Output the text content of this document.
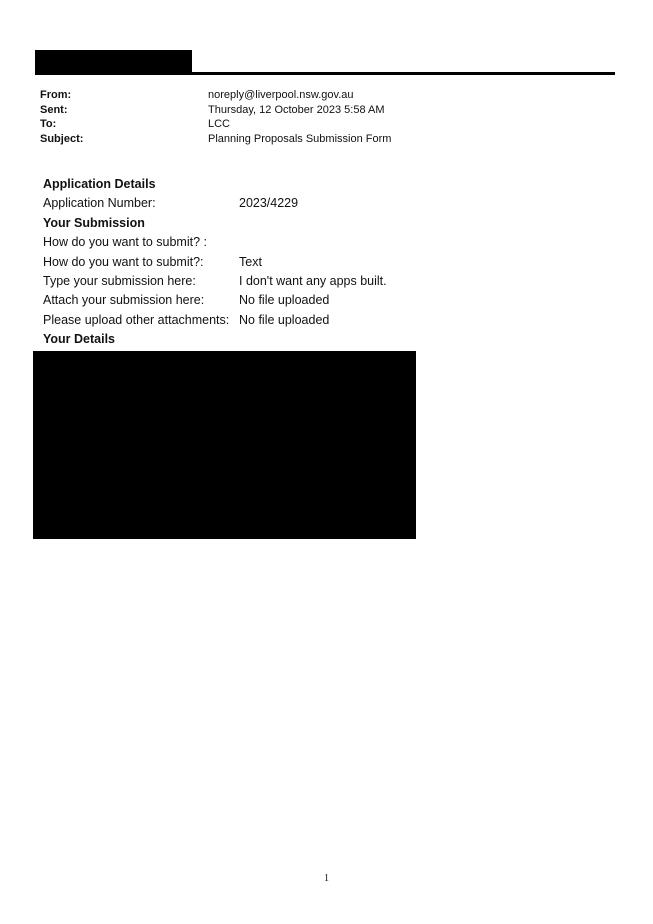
From:	noreply@liverpool.nsw.gov.au
Sent:	Thursday, 12 October 2023 5:58 AM
To:	LCC
Subject:	Planning Proposals Submission Form
Application Details
Application Number:	2023/4229
Your Submission
How do you want to submit? :
How do you want to submit?:	Text
Type your submission here:	I don't want any apps built.
Attach your submission here:	No file uploaded
Please upload other attachments: No file uploaded
Your Details
1
